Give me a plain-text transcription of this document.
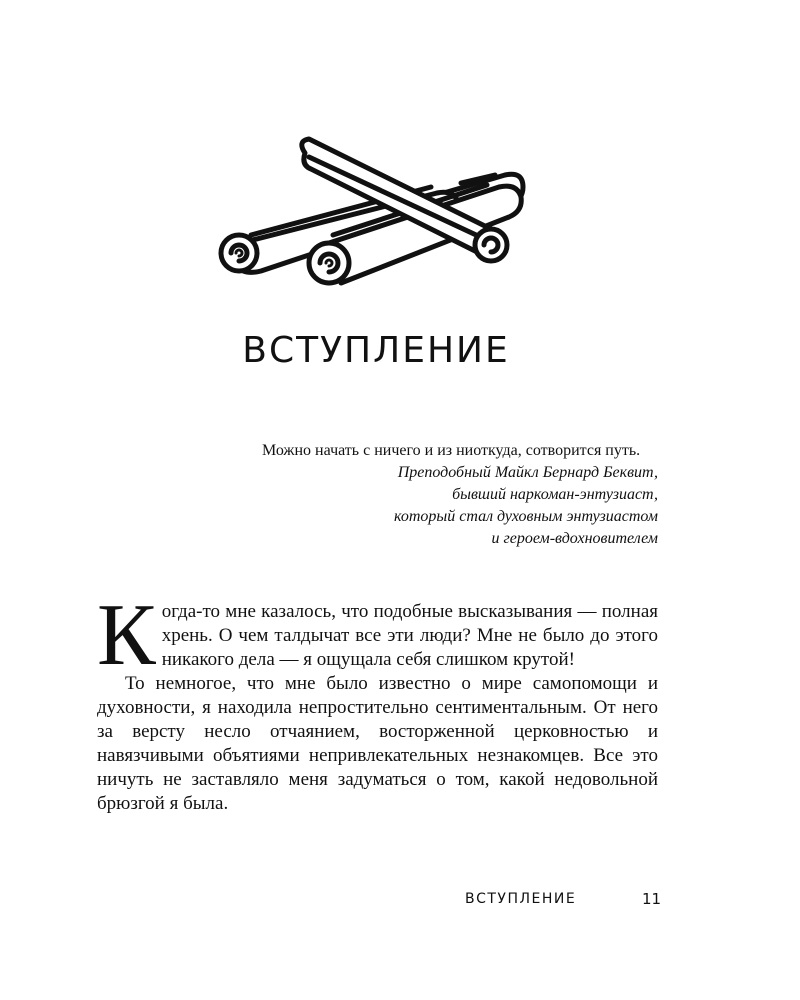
ВСТУПЛЕНИЕ

Можно начать с ничего и из ниоткуда, сотворится путь.

Преподобный Майкл Бернард Беквит,

бывший наркоман-энтузиаст,

который стал духовным энтузиастом

и героем-вдохновителем

Когда-то мне казалось, что подобные высказывания — полная хрень. О чем талдычат все эти люди? Мне не было до этого никакого дела — я ощущала себя слишком крутой!

То немногое, что мне было известно о мире самопомощи и духовности, я находила непростительно сентиментальным. От него за версту несло отчаянием, восторженной церковностью и навязчивыми объятиями непривлекательных незнакомцев. Все это ничуть не заставляло меня задуматься о том, какой недовольной брюзгой я была.

ВСТУПЛЕНИЕ	11
